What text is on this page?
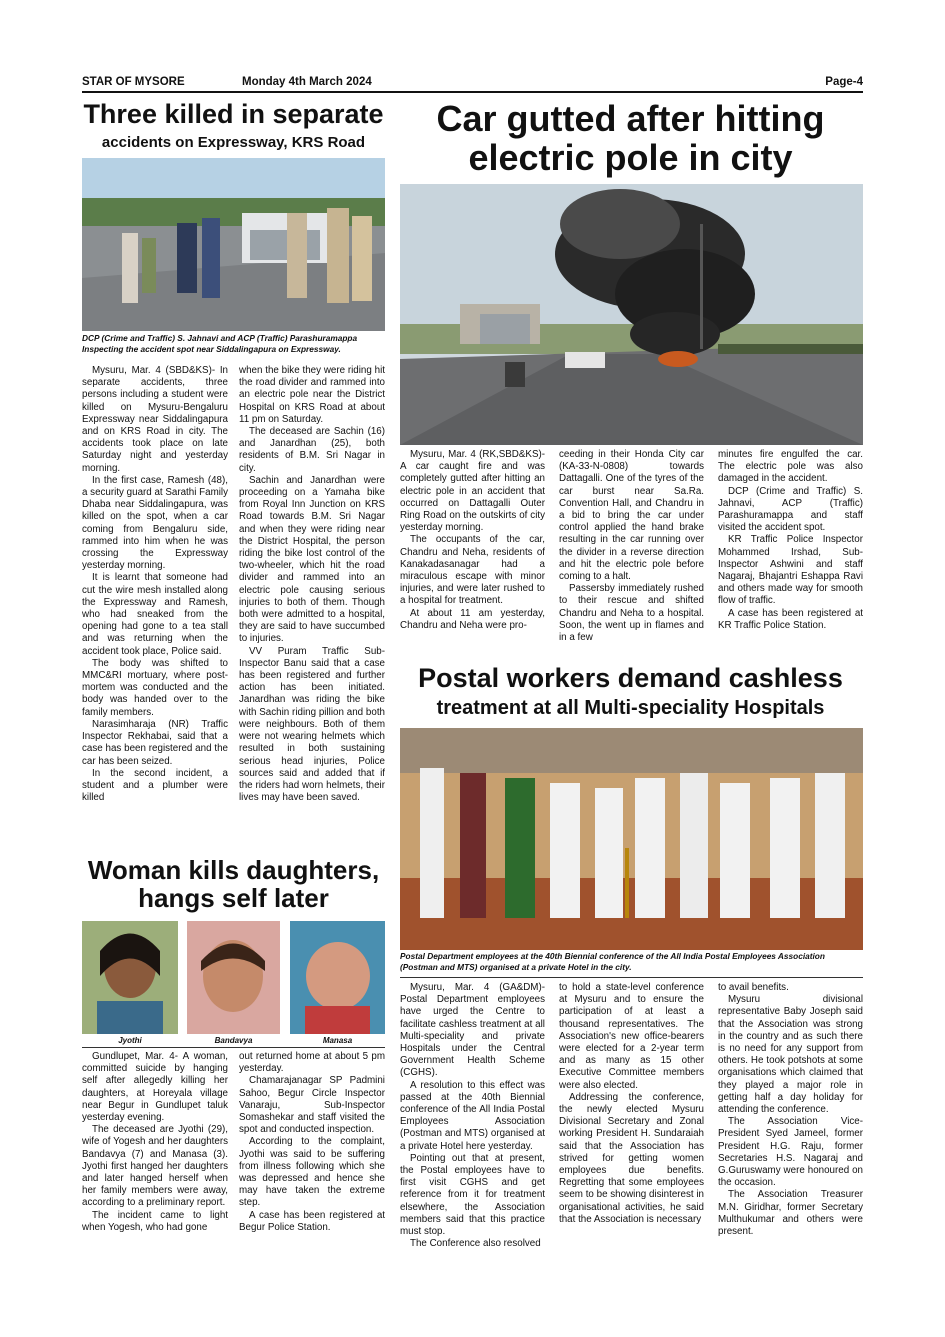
STAR OF MYSORE	Monday 4th March 2024	Page-4
Three killed in separate
accidents on Expressway, KRS Road
DCP (Crime and Traffic) S. Jahnavi and ACP (Traffic) Parashuramappa Inspecting the accident spot near Siddalingapura on Expressway.

Mysuru, Mar. 4 (SBD&KS)- In separate accidents, three persons including a student were killed on Mysuru-Bengaluru Expressway near Siddalingapura and on KRS Road in city. The accidents took place on late Saturday night and yesterday morning.

In the first case, Ramesh (48), a security guard at Sarathi Family Dhaba near Siddalingapura, was killed on the spot, when a car coming from Bengaluru side, rammed into him when he was crossing the Expressway yesterday morning.

It is learnt that someone had cut the wire mesh installed along the Expressway and Ramesh, who had sneaked from the opening had gone to a tea stall and was returning when the accident took place, Police said.

The body was shifted to MMC&RI mortuary, where post-mortem was conducted and the body was handed over to the family members.

Narasimharaja (NR) Traffic Inspector Rekhabai, said that a case has been registered and the car has been seized.

In the second incident, a student and a plumber were killed

when the bike they were riding hit the road divider and rammed into an electric pole near the District Hospital on KRS Road at about 11 pm on Saturday.

The deceased are Sachin (16) and Janardhan (25), both residents of B.M. Sri Nagar in city.

Sachin and Janardhan were proceeding on a Yamaha bike from Royal Inn Junction on KRS Road towards B.M. Sri Nagar and when they were riding near the District Hospital, the person riding the bike lost control of the two-wheeler, which hit the road divider and rammed into an electric pole causing serious injuries to both of them. Though both were admitted to a hospital, they are said to have succumbed to injuries.

VV Puram Traffic Sub-Inspector Banu said that a case has been registered and further action has been initiated. Janardhan was riding the bike with Sachin riding pillion and both were neighbours. Both of them were not wearing helmets which resulted in both sustaining serious head injuries, Police sources said and added that if the riders had worn helmets, their lives may have been saved.

Car gutted after hitting electric pole in city

Mysuru, Mar. 4 (RK,SBD&KS)- A car caught fire and was completely gutted after hitting an electric pole in an accident that occurred on Dattagalli Outer Ring Road on the outskirts of city yesterday morning.

The occupants of the car, Chandru and Neha, residents of Kanakadasanagar had a miraculous escape with minor injuries, and were later rushed to a hospital for treatment.

At about 11 am yesterday, Chandru and Neha were pro-

ceeding in their Honda City car (KA-33-N-0808) towards Dattagalli. One of the tyres of the car burst near Sa.Ra. Convention Hall, and Chandru in a bid to bring the car under control applied the hand brake resulting in the car running over the divider in a reverse direction and hit the electric pole before coming to a halt.

Passersby immediately rushed to their rescue and shifted Chandru and Neha to a hospital. Soon, the went up in flames and in a few

minutes fire engulfed the car. The electric pole was also damaged in the accident.

DCP (Crime and Traffic) S. Jahnavi, ACP (Traffic) Parashuramappa and staff visited the accident spot.

KR Traffic Police Inspector Mohammed Irshad, Sub-Inspector Ashwini and staff Nagaraj, Bhajantri Eshappa Ravi and others made way for smooth flow of traffic.

A case has been registered at KR Traffic Police Station.

Postal workers demand cashless
treatment at all Multi-speciality Hospitals
Postal Department employees at the 40th Biennial conference of the All India Postal Employees Association (Postman and MTS) organised at a private Hotel in the city.

Mysuru, Mar. 4 (GA&DM)- Postal Department employees have urged the Centre to facilitate cashless treatment at all Multi-speciality and private Hospitals under the Central Government Health Scheme (CGHS).

A resolution to this effect was passed at the 40th Biennial conference of the All India Postal Employees Association (Postman and MTS) organised at a private Hotel here yesterday.

Pointing out that at present, the Postal employees have to first visit CGHS and get reference from it for treatment elsewhere, the Association members said that this practice must stop.

The Conference also resolved

to hold a state-level conference at Mysuru and to ensure the participation of at least a thousand representatives. The Association's new office-bearers were elected for a 2-year term and as many as 15 other Executive Committee members were also elected.

Addressing the conference, the newly elected Mysuru Divisional Secretary and Zonal working President H. Sundaraiah said that the Association has strived for getting women employees due benefits. Regretting that some employees seem to be showing disinterest in organisational activities, he said that the Association is necessary

to avail benefits.

Mysuru divisional representative Baby Joseph said that the Association was strong in the country and as such there is no need for any support from others. He took potshots at some organisations which claimed that they played a major role in getting half a day holiday for attending the conference.

The Association Vice-President Syed Jameel, former President H.G. Raju, former Secretaries H.S. Nagaraj and G.Guruswamy were honoured on the occasion.

The Association Treasurer M.N. Giridhar, former Secretary Multhukumar and others were present.

Woman kills daughters, hangs self later
Jyothi	Bandavya	Manasa

Gundlupet, Mar. 4- A woman, committed suicide by hanging self after allegedly killing her daughters, at Horeyala village near Begur in Gundlupet taluk yesterday evening.

The deceased are Jyothi (29), wife of Yogesh and her daughters Bandavya (7) and Manasa (3). Jyothi first hanged her daughters and later hanged herself when her family members were away, according to a preliminary report.

The incident came to light when Yogesh, who had gone

out returned home at about 5 pm yesterday.

Chamarajanagar SP Padmini Sahoo, Begur Circle Inspector Vanaraju, Sub-Inspector Somashekar and staff visited the spot and conducted inspection.

According to the complaint, Jyothi was said to be suffering from illness following which she was depressed and hence she may have taken the extreme step.

A case has been registered at Begur Police Station.
